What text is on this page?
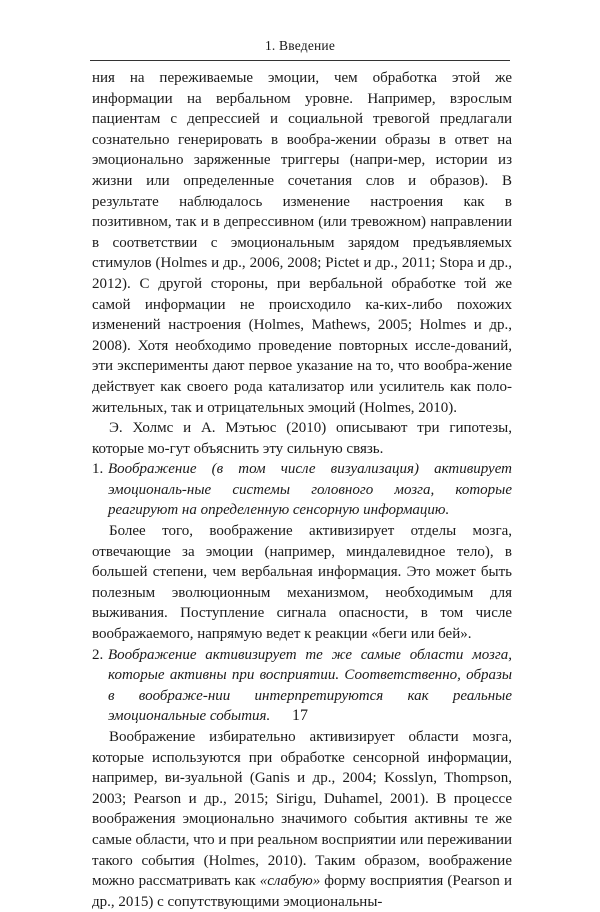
1. Введение

ния на переживаемые эмоции, чем обработка этой же информации на вербальном уровне. Например, взрослым пациентам с депрессией и социальной тревогой предлагали сознательно генерировать в вообра-жении образы в ответ на эмоционально заряженные триггеры (напри-мер, истории из жизни или определенные сочетания слов и образов). В результате наблюдалось изменение настроения как в позитивном, так и в депрессивном (или тревожном) направлении в соответствии с эмоциональным зарядом предъявляемых стимулов (Holmes и др., 2006, 2008; Pictet и др., 2011; Stopa и др., 2012). С другой стороны, при вербальной обработке той же самой информации не происходило ка-ких-либо похожих изменений настроения (Holmes, Mathews, 2005; Holmes и др., 2008). Хотя необходимо проведение повторных иссле-дований, эти эксперименты дают первое указание на то, что вообра-жение действует как своего рода катализатор или усилитель как поло-жительных, так и отрицательных эмоций (Holmes, 2010).

Э. Холмс и А. Мэтьюс (2010) описывают три гипотезы, которые мо-гут объяснить эту сильную связь.

1. Воображение (в том числе визуализация) активирует эмоциональ-ные системы головного мозга, которые реагируют на определенную сенсорную информацию.

Более того, воображение активизирует отделы мозга, отвечающие за эмоции (например, миндалевидное тело), в большей степени, чем вербальная информация. Это может быть полезным эволюционным механизмом, необходимым для выживания. Поступление сигнала опасности, в том числе воображаемого, напрямую ведет к реакции «беги или бей».

2. Воображение активизирует те же самые области мозга, которые активны при восприятии. Соответственно, образы в воображе-нии интерпретируются как реальные эмоциональные события.

Воображение избирательно активизирует области мозга, которые используются при обработке сенсорной информации, например, ви-зуальной (Ganis и др., 2004; Kosslyn, Thompson, 2003; Pearson и др., 2015; Sirigu, Duhamel, 2001). В процессе воображения эмоционально значимого события активны те же самые области, что и при реальном восприятии или переживании такого события (Holmes, 2010). Таким образом, воображение можно рассматривать как «слабую» форму восприятия (Pearson и др., 2015) с сопутствующими эмоциональны-

17
